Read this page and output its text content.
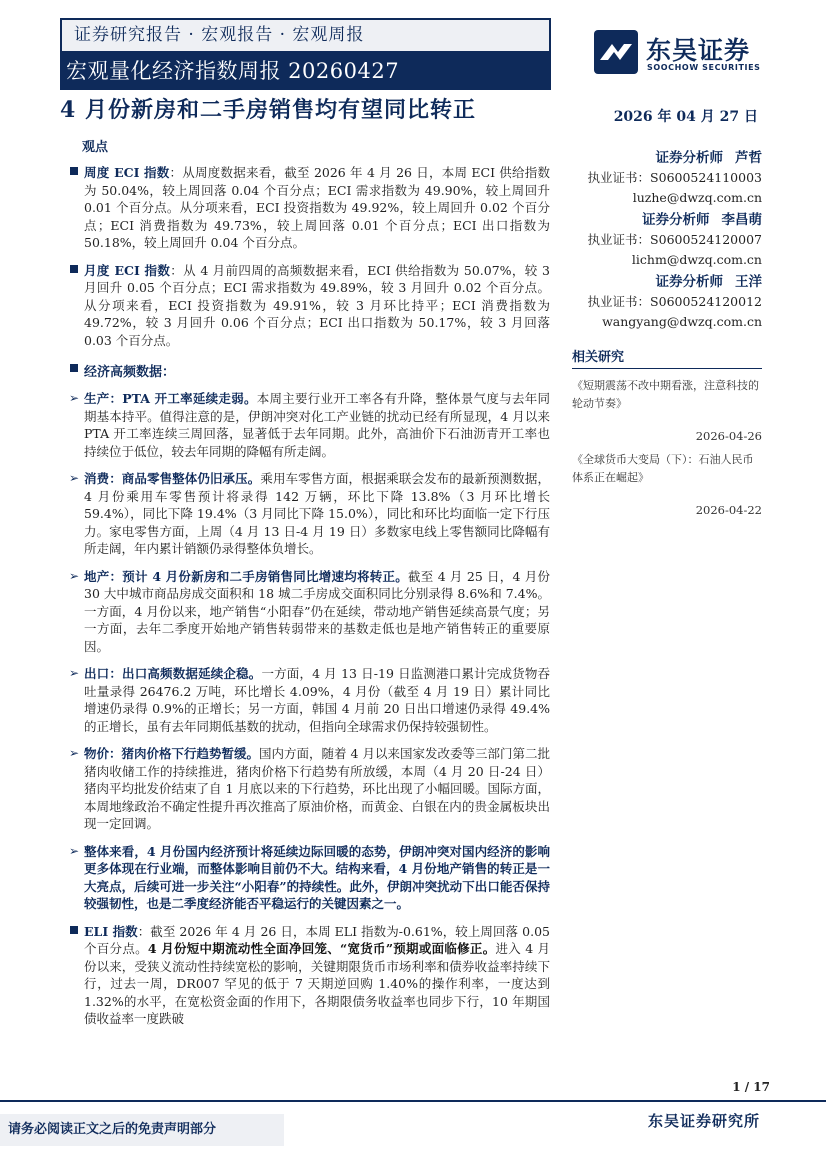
证券研究报告 · 宏观报告 · 宏观周报
宏观量化经济指数周报 20260427
4 月份新房和二手房销售均有望同比转正	2026 年 04 月 27 日
东吴证券
SOOCHOW SECURITIES
观点

周度 ECI 指数：从周度数据来看，截至 2026 年 4 月 26 日，本周 ECI 供给指数为 50.04%，较上周回落 0.04 个百分点；ECI 需求指数为 49.90%，较上周回升 0.01 个百分点。从分项来看，ECI 投资指数为 49.92%，较上周回升 0.02 个百分点；ECI 消费指数为 49.73%，较上周回落 0.01 个百分点；ECI 出口指数为 50.18%，较上周回升 0.04 个百分点。

月度 ECI 指数：从 4 月前四周的高频数据来看，ECI 供给指数为 50.07%，较 3 月回升 0.05 个百分点；ECI 需求指数为 49.89%，较 3 月回升 0.02 个百分点。从分项来看，ECI 投资指数为 49.91%，较 3 月环比持平；ECI 消费指数为 49.72%，较 3 月回升 0.06 个百分点；ECI 出口指数为 50.17%，较 3 月回落 0.03 个百分点。

经济高频数据：

➢ 生产：PTA 开工率延续走弱。本周主要行业开工率各有升降，整体景气度与去年同期基本持平。值得注意的是，伊朗冲突对化工产业链的扰动已经有所显现，4 月以来 PTA 开工率连续三周回落，显著低于去年同期。此外，高油价下石油沥青开工率也持续位于低位，较去年同期的降幅有所走阔。

➢ 消费：商品零售整体仍旧承压。乘用车零售方面，根据乘联会发布的最新预测数据，4 月份乘用车零售预计将录得 142 万辆，环比下降 13.8%（3 月环比增长 59.4%），同比下降 19.4%（3 月同比下降 15.0%），同比和环比均面临一定下行压力。家电零售方面，上周（4 月 13 日-4 月 19 日）多数家电线上零售额同比降幅有所走阔，年内累计销额仍录得整体负增长。

➢ 地产：预计 4 月份新房和二手房销售同比增速均将转正。截至 4 月 25 日，4 月份 30 大中城市商品房成交面积和 18 城二手房成交面积同比分别录得 8.6%和 7.4%。一方面，4 月份以来，地产销售“小阳春”仍在延续，带动地产销售延续高景气度；另一方面，去年二季度开始地产销售转弱带来的基数走低也是地产销售转正的重要原因。

➢ 出口：出口高频数据延续企稳。一方面，4 月 13 日-19 日监测港口累计完成货物吞吐量录得 26476.2 万吨，环比增长 4.09%，4 月份（截至 4 月 19 日）累计同比增速仍录得 0.9%的正增长；另一方面，韩国 4 月前 20 日出口增速仍录得 49.4%的正增长，虽有去年同期低基数的扰动，但指向全球需求仍保持较强韧性。

➢ 物价：猪肉价格下行趋势暂缓。国内方面，随着 4 月以来国家发改委等三部门第二批猪肉收储工作的持续推进，猪肉价格下行趋势有所放缓，本周（4 月 20 日-24 日）猪肉平均批发价结束了自 1 月底以来的下行趋势，环比出现了小幅回暖。国际方面，本周地缘政治不确定性提升再次推高了原油价格，而黄金、白银在内的贵金属板块出现一定回调。

➢ 整体来看，4 月份国内经济预计将延续边际回暖的态势，伊朗冲突对国内经济的影响更多体现在行业端，而整体影响目前仍不大。结构来看，4 月份地产销售的转正是一大亮点，后续可进一步关注“小阳春”的持续性。此外，伊朗冲突扰动下出口能否保持较强韧性，也是二季度经济能否平稳运行的关键因素之一。

ELI 指数：截至 2026 年 4 月 26 日，本周 ELI 指数为-0.61%，较上周回落 0.05 个百分点。4 月份短中期流动性全面净回笼、“宽货币”预期或面临修正。进入 4 月份以来，受狭义流动性持续宽松的影响，关键期限货币市场利率和债券收益率持续下行，过去一周，DR007 罕见的低于 7 天期逆回购 1.40%的操作利率，一度达到 1.32%的水平，在宽松资金面的作用下，各期限债务收益率也同步下行，10 年期国债收益率一度跌破

证券分析师 芦哲
执业证书：S0600524110003
luzhe@dwzq.com.cn
证券分析师 李昌萌
执业证书：S0600524120007
lichm@dwzq.com.cn
证券分析师 王洋
执业证书：S0600524120012
wangyang@dwzq.com.cn
相关研究
《短期震荡不改中期看涨，注意科技的轮动节奏》
2026-04-26
《全球货币大变局（下）：石油人民币体系正在崛起》
2026-04-22
1 / 17
请务必阅读正文之后的免责声明部分	东吴证券研究所
